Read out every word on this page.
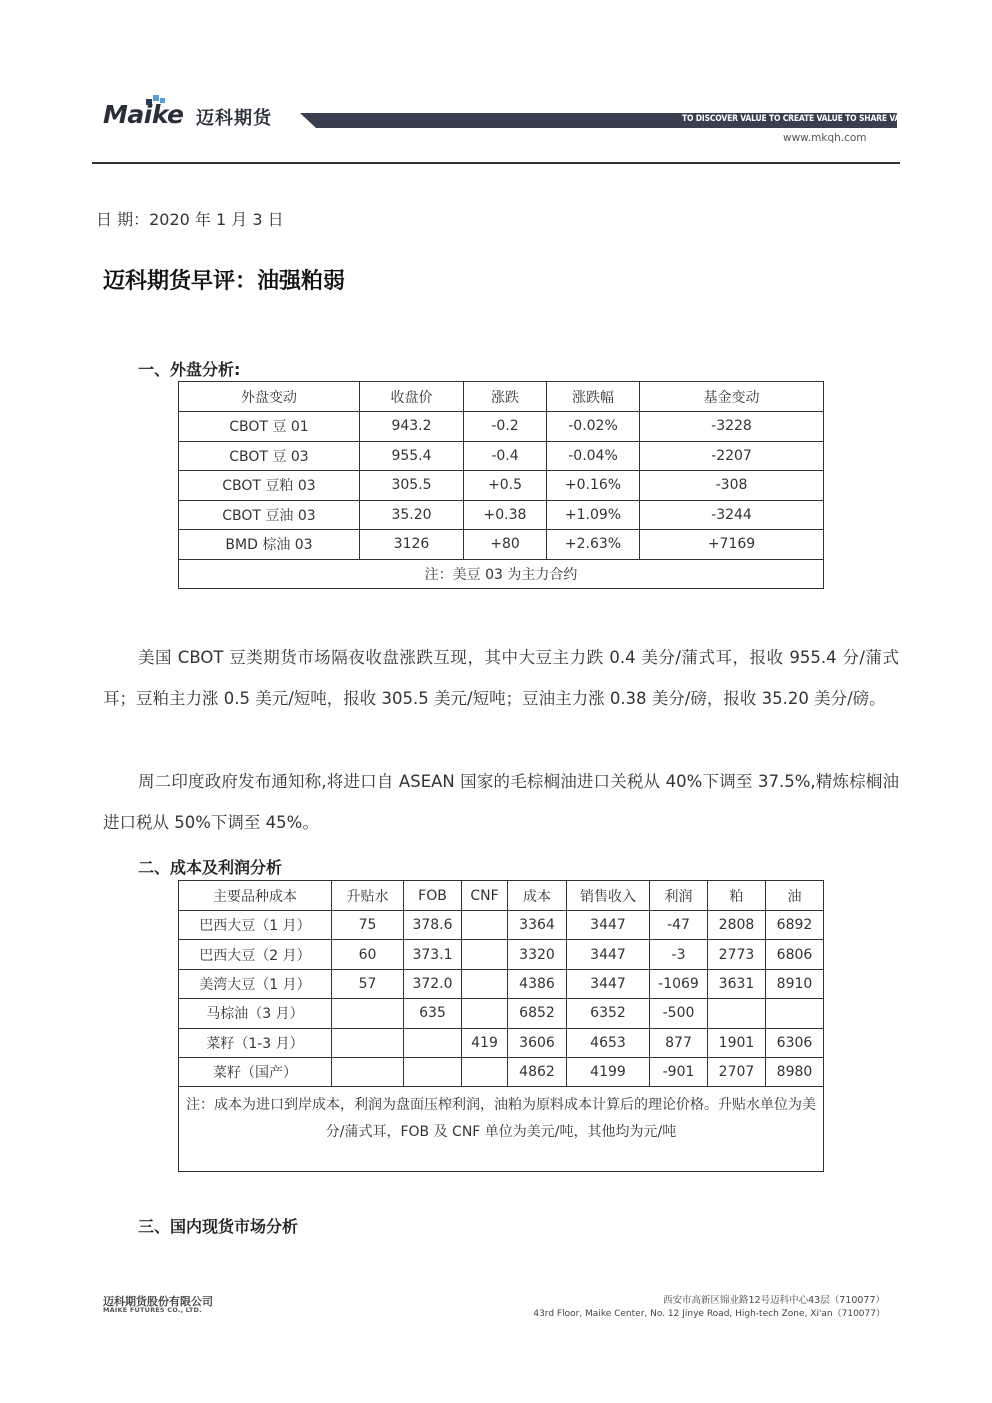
Maike 迈科期货	TO DISCOVER VALUE TO CREATE VALUE TO SHARE VALUE
www.mkqh.com
日 期：2020 年 1 月 3 日
迈科期货早评：油强粕弱
一、外盘分析:
外盘变动	收盘价	涨跌	涨跌幅	基金变动
CBOT 豆 01	943.2	-0.2	-0.02%	-3228
CBOT 豆 03	955.4	-0.4	-0.04%	-2207
CBOT 豆粕 03	305.5	+0.5	+0.16%	-308
CBOT 豆油 03	35.20	+0.38	+1.09%	-3244
BMD 棕油 03	3126	+80	+2.63%	+7169
注：美豆 03 为主力合约				

美国 CBOT 豆类期货市场隔夜收盘涨跌互现，其中大豆主力跌 0.4 美分/蒲式耳，报收 955.4 分/蒲式耳；豆粕主力涨 0.5 美元/短吨，报收 305.5 美元/短吨；豆油主力涨 0.38 美分/磅，报收 35.20 美分/磅。

周二印度政府发布通知称,将进口自 ASEAN 国家的毛棕榈油进口关税从 40%下调至 37.5%,精炼棕榈油进口税从 50%下调至 45%。

二、成本及利润分析
主要品种成本	升贴水	FOB	CNF	成本	销售收入	利润	粕	油
巴西大豆（1 月）	75	378.6		3364	3447	-47	2808	6892
巴西大豆（2 月）	60	373.1		3320	3447	-3	2773	6806
美湾大豆（1 月）	57	372.0		4386	3447	-1069	3631	8910
马棕油（3 月）		635		6852	6352	-500		
菜籽（1-3 月）			419	3606	4653	877	1901	6306
菜籽（国产）				4862	4199	-901	2707	8980
注：成本为进口到岸成本，利润为盘面压榨利润，油粕为原料成本计算后的理论价格。升贴水单位为美分/蒲式耳，FOB 及 CNF 单位为美元/吨，其他均为元/吨								
三、国内现货市场分析
迈科期货股份有限公司
MAIKE FUTURES CO., LTD.
西安市高新区锦业路12号迈科中心43层（710077）
43rd Floor, Maike Center, No. 12 Jinye Road, High-tech Zone, Xi'an（710077）
